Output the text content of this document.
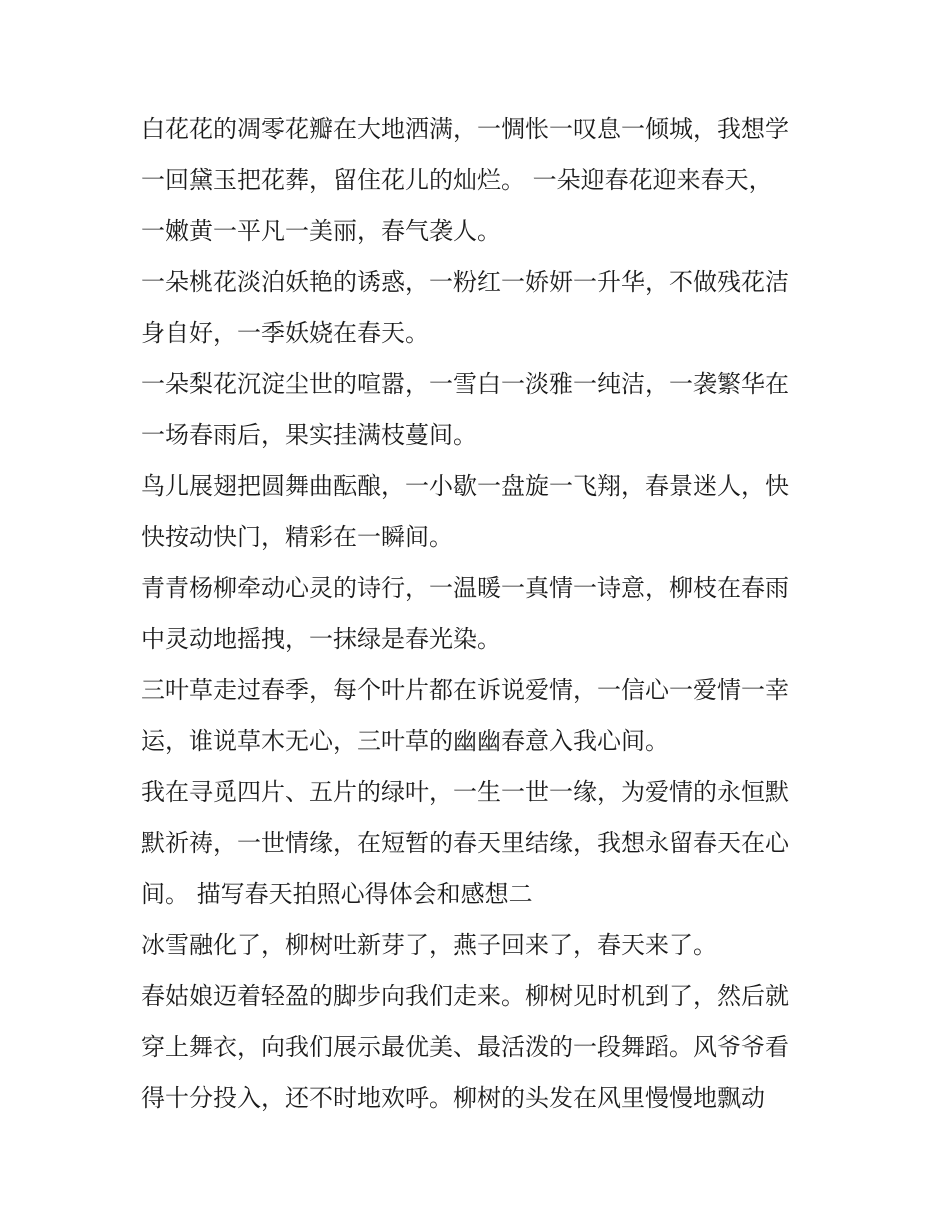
白花花的凋零花瓣在大地洒满，一惆怅一叹息一倾城，我想学
一回黛玉把花葬，留住花儿的灿烂。 一朵迎春花迎来春天，
一嫩黄一平凡一美丽，春气袭人。
一朵桃花淡泊妖艳的诱惑，一粉红一娇妍一升华，不做残花洁
身自好，一季妖娆在春天。
一朵梨花沉淀尘世的喧嚣，一雪白一淡雅一纯洁，一袭繁华在
一场春雨后，果实挂满枝蔓间。
鸟儿展翅把圆舞曲酝酿，一小歇一盘旋一飞翔，春景迷人，快
快按动快门，精彩在一瞬间。
青青杨柳牵动心灵的诗行，一温暖一真情一诗意，柳枝在春雨
中灵动地摇拽，一抹绿是春光染。
三叶草走过春季，每个叶片都在诉说爱情，一信心一爱情一幸
运，谁说草木无心，三叶草的幽幽春意入我心间。
我在寻觅四片、五片的绿叶，一生一世一缘，为爱情的永恒默
默祈祷，一世情缘，在短暂的春天里结缘，我想永留春天在心
间。 描写春天拍照心得体会和感想二
冰雪融化了，柳树吐新芽了，燕子回来了，春天来了。
春姑娘迈着轻盈的脚步向我们走来。柳树见时机到了，然后就
穿上舞衣，向我们展示最优美、最活泼的一段舞蹈。风爷爷看
得十分投入，还不时地欢呼。柳树的头发在风里慢慢地飘动
